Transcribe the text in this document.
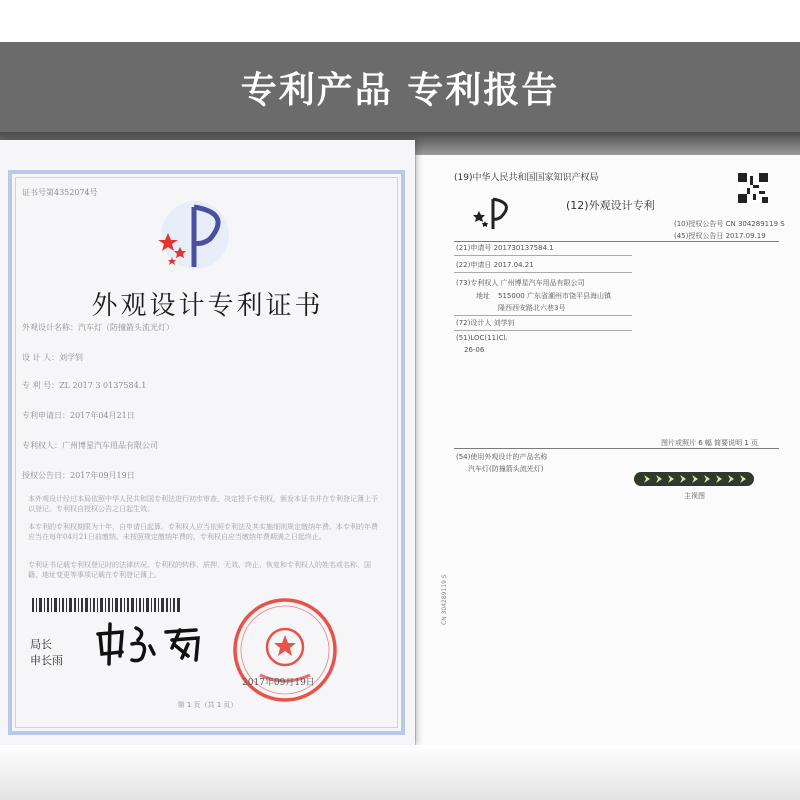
专利产品 专利报告
(19)中华人民共和国国家知识产权局
(12)外观设计专利
(10)授权公告号 CN 304289119 S
(45)授权公告日 2017.09.19
(21)申请号 201730137584.1
(22)申请日 2017.04.21
(73)专利权人 广州博星汽车用品有限公司
地址 515000 广东省潮州市饶平县海山镇
隆西西安路北六巷3号
(72)设计人 刘学钊
(51)LOC(11)Cl.
26-06
图片或照片 6 幅 简要说明 1 页
(54)使用外观设计的产品名称
汽车灯(防撞箭头流光灯)
主视图
CN 304289119 S
证书号第4352074号
外观设计专利证书
外观设计名称：汽车灯（防撞箭头流光灯）
设 计 人：刘学钊
专 利 号：ZL 2017 3 0137584.1
专利申请日：2017年04月21日
专利权人：广州博星汽车用品有限公司
授权公告日：2017年09月19日
本外观设计经过本局依照中华人民共和国专利法进行初步审查，决定授予专利权，颁发本证书并在专利登记簿上予以登记。专利权自授权公告之日起生效。
本专利的专利权期限为十年，自申请日起算。专利权人应当依照专利法及其实施细则规定缴纳年费。本专利的年费应当在每年04月21日前缴纳。未按照规定缴纳年费的，专利权自应当缴纳年费期满之日起终止。
专利证书记载专利权登记时的法律状况。专利权的转移、质押、无效、终止、恢复和专利权人的姓名或名称、国籍、地址变更等事项记载在专利登记簿上。
局长
申长雨
2017年09月19日
第 1 页（共 1 页）
